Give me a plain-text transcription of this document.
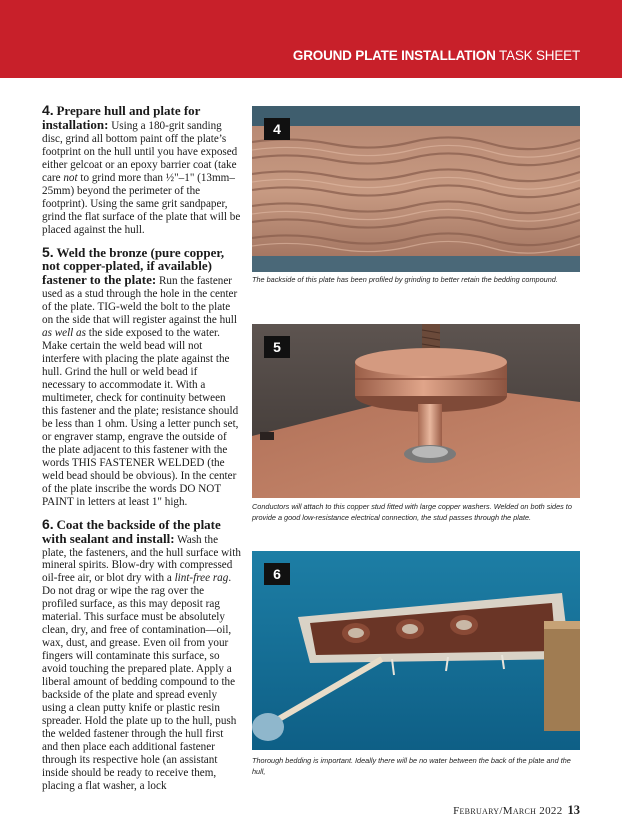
GROUND PLATE INSTALLATION TASK SHEET

4. Prepare hull and plate for installation: Using a 180-grit sanding disc, grind all bottom paint off the plate’s footprint on the hull until you have exposed either gelcoat or an epoxy barrier coat (take care not to grind more than ½"–1" (13mm–25mm) beyond the perimeter of the footprint). Using the same grit sandpaper, grind the flat surface of the plate that will be placed against the hull.

5. Weld the bronze (pure copper, not copper-plated, if available) fastener to the plate: Run the fastener used as a stud through the hole in the center of the plate. TIG-weld the bolt to the plate on the side that will register against the hull as well as the side exposed to the water. Make certain the weld bead will not interfere with placing the plate against the hull. Grind the hull or weld bead if necessary to accommodate it. With a multimeter, check for continuity between this fastener and the plate; resistance should be less than 1 ohm. Using a letter punch set, or engraver stamp, engrave the outside of the plate adjacent to this fastener with the words THIS FASTENER WELDED (the weld bead should be obvious). In the center of the plate inscribe the words DO NOT PAINT in letters at least 1" high.

6. Coat the backside of the plate with sealant and install: Wash the plate, the fasteners, and the hull surface with mineral spirits. Blow-dry with compressed oil-free air, or blot dry with a lint-free rag. Do not drag or wipe the rag over the profiled surface, as this may deposit rag material. This surface must be absolutely clean, dry, and free of contamination—oil, wax, dust, and grease. Even oil from your fingers will contaminate this surface, so avoid touching the prepared plate. Apply a liberal amount of bedding compound to the backside of the plate and spread evenly using a clean putty knife or plastic resin spreader. Hold the plate up to the hull, push the welded fastener through the hull first and then place each additional fastener through its respective hole (an assistant inside should be ready to receive them, placing a flat washer, a lock

4
The backside of this plate has been profiled by grinding to better retain the bedding compound.
5
Conductors will attach to this copper stud fitted with large copper washers. Welded on both sides to provide a good low-resistance electrical connection, the stud passes through the plate.
6
Thorough bedding is important. Ideally there will be no water between the back of the plate and the hull,
February/March 2022 13
